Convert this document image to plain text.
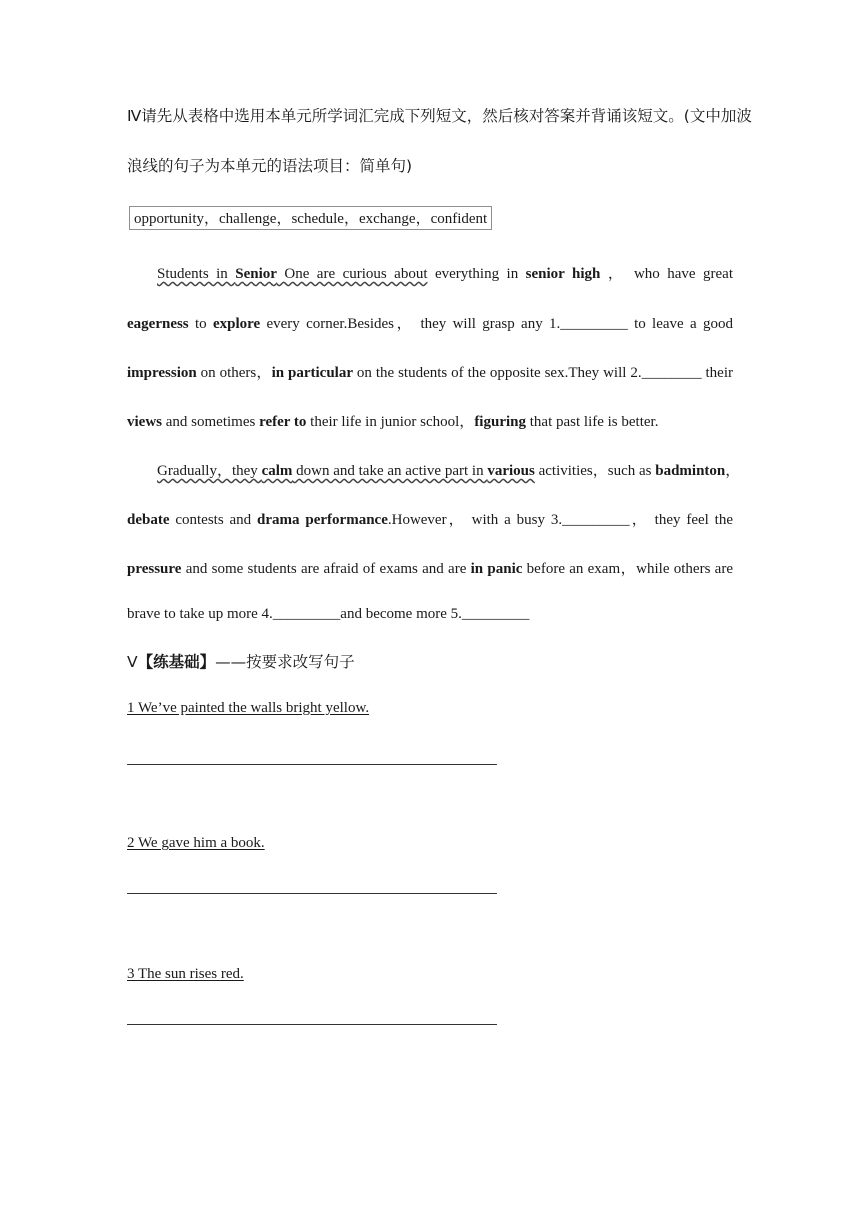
Ⅳ请先从表格中选用本单元所学词汇完成下列短文，然后核对答案并背诵该短文。(文中加波
浪线的句子为本单元的语法项目：简单句)
opportunity，challenge，schedule，exchange，confident
Students in Senior One are curious about everything in senior high ， who have great
eagerness to explore every corner.Besides， they will grasp any 1._________ to leave a good
impression on others，in particular on the students of the opposite sex.They will 2.________ their
views and sometimes refer to their life in junior school，figuring that past life is better.
Gradually，they calm down and take an active part in various activities，such as badminton，
debate contests and drama performance.However， with a busy 3._________， they feel the
pressure and some students are afraid of exams and are in panic before an exam，while others are
brave to take up more 4._________and become more 5._________
Ⅴ【练基础】——按要求改写句子
1 We’ve painted the walls bright yellow.
2 We gave him a book.
3 The sun rises red.
